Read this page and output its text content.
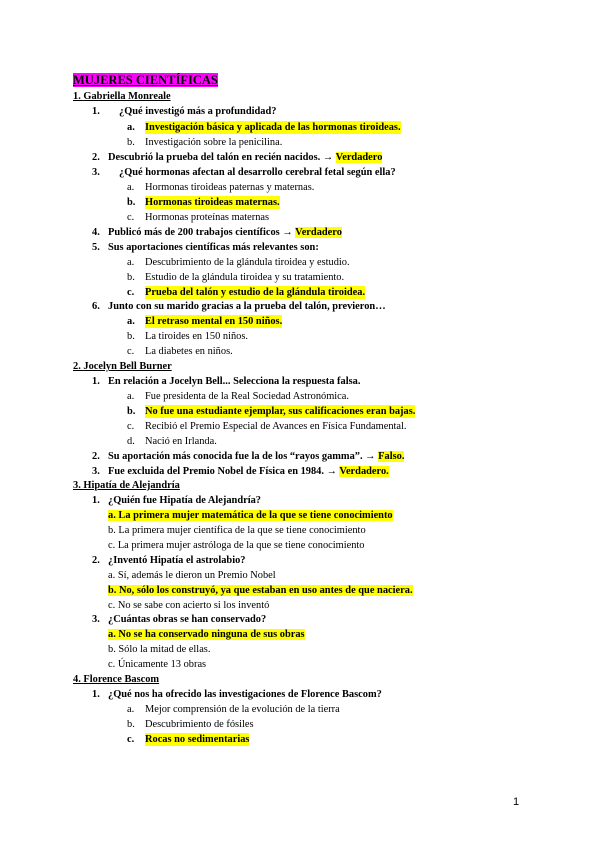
MUJERES CIENTÍFICAS
1. Gabriella Monreale
1. ¿Qué investigó más a profundidad?
a. Investigación básica y aplicada de las hormonas tiroideas.
b. Investigación sobre la penicilina.
2. Descubrió la prueba del talón en recién nacidos. → Verdadero
3. ¿Qué hormonas afectan al desarrollo cerebral fetal según ella?
a. Hormonas tiroideas paternas y maternas.
b. Hormonas tiroideas maternas.
c. Hormonas proteínas maternas
4. Publicó más de 200 trabajos científicos → Verdadero
5. Sus aportaciones científicas más relevantes son:
a. Descubrimiento de la glándula tiroidea y estudio.
b. Estudio de la glándula tiroidea y su tratamiento.
c. Prueba del talón y estudio de la glándula tiroidea.
6. Junto con su marido gracias a la prueba del talón, previeron…
a. El retraso mental en 150 niños.
b. La tiroides en 150 niños.
c. La diabetes en niños.
2. Jocelyn Bell Burner
1. En relación a Jocelyn Bell... Selecciona la respuesta falsa.
a. Fue presidenta de la Real Sociedad Astronómica.
b. No fue una estudiante ejemplar, sus calificaciones eran bajas.
c. Recibió el Premio Especial de Avances en Física Fundamental.
d. Nació en Irlanda.
2. Su aportación más conocida fue la de los “rayos gamma”. → Falso.
3. Fue excluida del Premio Nobel de Física en 1984. → Verdadero.
3. Hipatía de Alejandría
1. ¿Quién fue Hipatía de Alejandría?
a. La primera mujer matemática de la que se tiene conocimiento
b. La primera mujer científica de la que se tiene conocimiento
c. La primera mujer astróloga de la que se tiene conocimiento
2. ¿Inventó Hipatía el astrolabio?
a. Sí, además le dieron un Premio Nobel
b. No, sólo los construyó, ya que estaban en uso antes de que naciera.
c. No se sabe con acierto si los inventó
3. ¿Cuántas obras se han conservado?
a. No se ha conservado ninguna de sus obras
b. Sólo la mitad de ellas.
c. Únicamente 13 obras
4. Florence Bascom
1. ¿Qué nos ha ofrecido las investigaciones de Florence Bascom?
a. Mejor comprensión de la evolución de la tierra
b. Descubrimiento de fósiles
c. Rocas no sedimentarias
1
